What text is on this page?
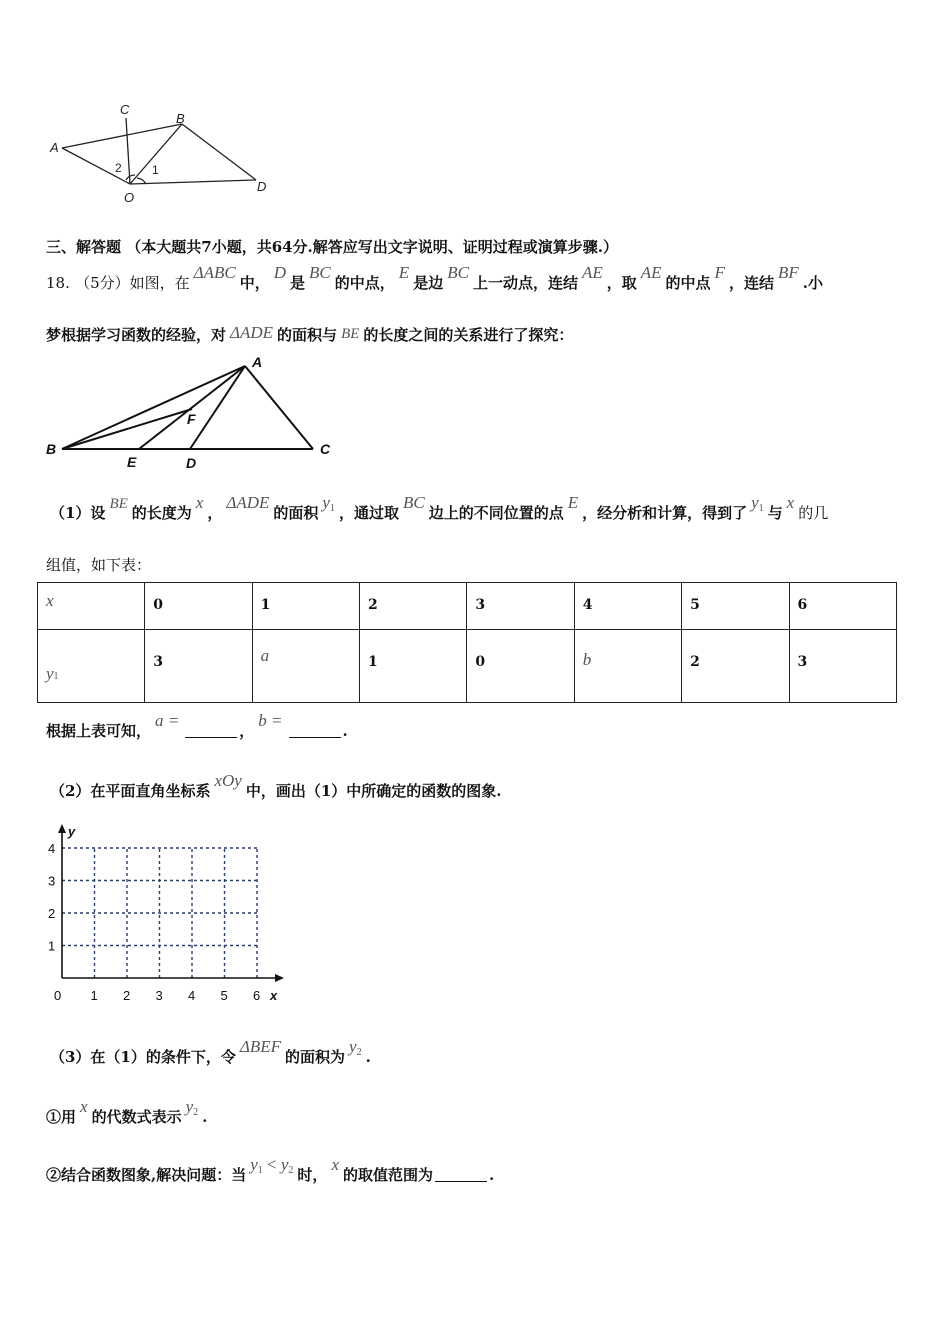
A
C
B
D
O
2	1
三、解答题 （本大题共7小题，共64分.解答应写出文字说明、证明过程或演算步骤.）
18. （5分）如图，在ΔABC中，D是BC的中点，E是边BC上一动点，连结AE，取AE的中点F，连结BF.小
梦根据学习函数的经验，对 ΔADE 的面积与 BE 的长度之间的关系进行了探究：
A
F
B	C
E	D
（1）设 BE 的长度为x，ΔADE的面积y1 ，通过取BC边上的不同位置的点E，经分析和计算，得到了y1 与x的几
组值，如下表：
x	0	1	2	3	4	5	6
y1	3	a	1	0	b	2	3
根据上表可知，a =，b =.
（2）在平面直角坐标系xOy中，画出（1）中所确定的函数的图象.
0 1 2 3 4 5 6
1
2
3
4
y
x
（3）在（1）的条件下，令ΔBEF的面积为y2 .
①用x的代数式表示y2 .
②结合函数图象,解决问题：当y1 < y2 时，x的取值范围为	.
